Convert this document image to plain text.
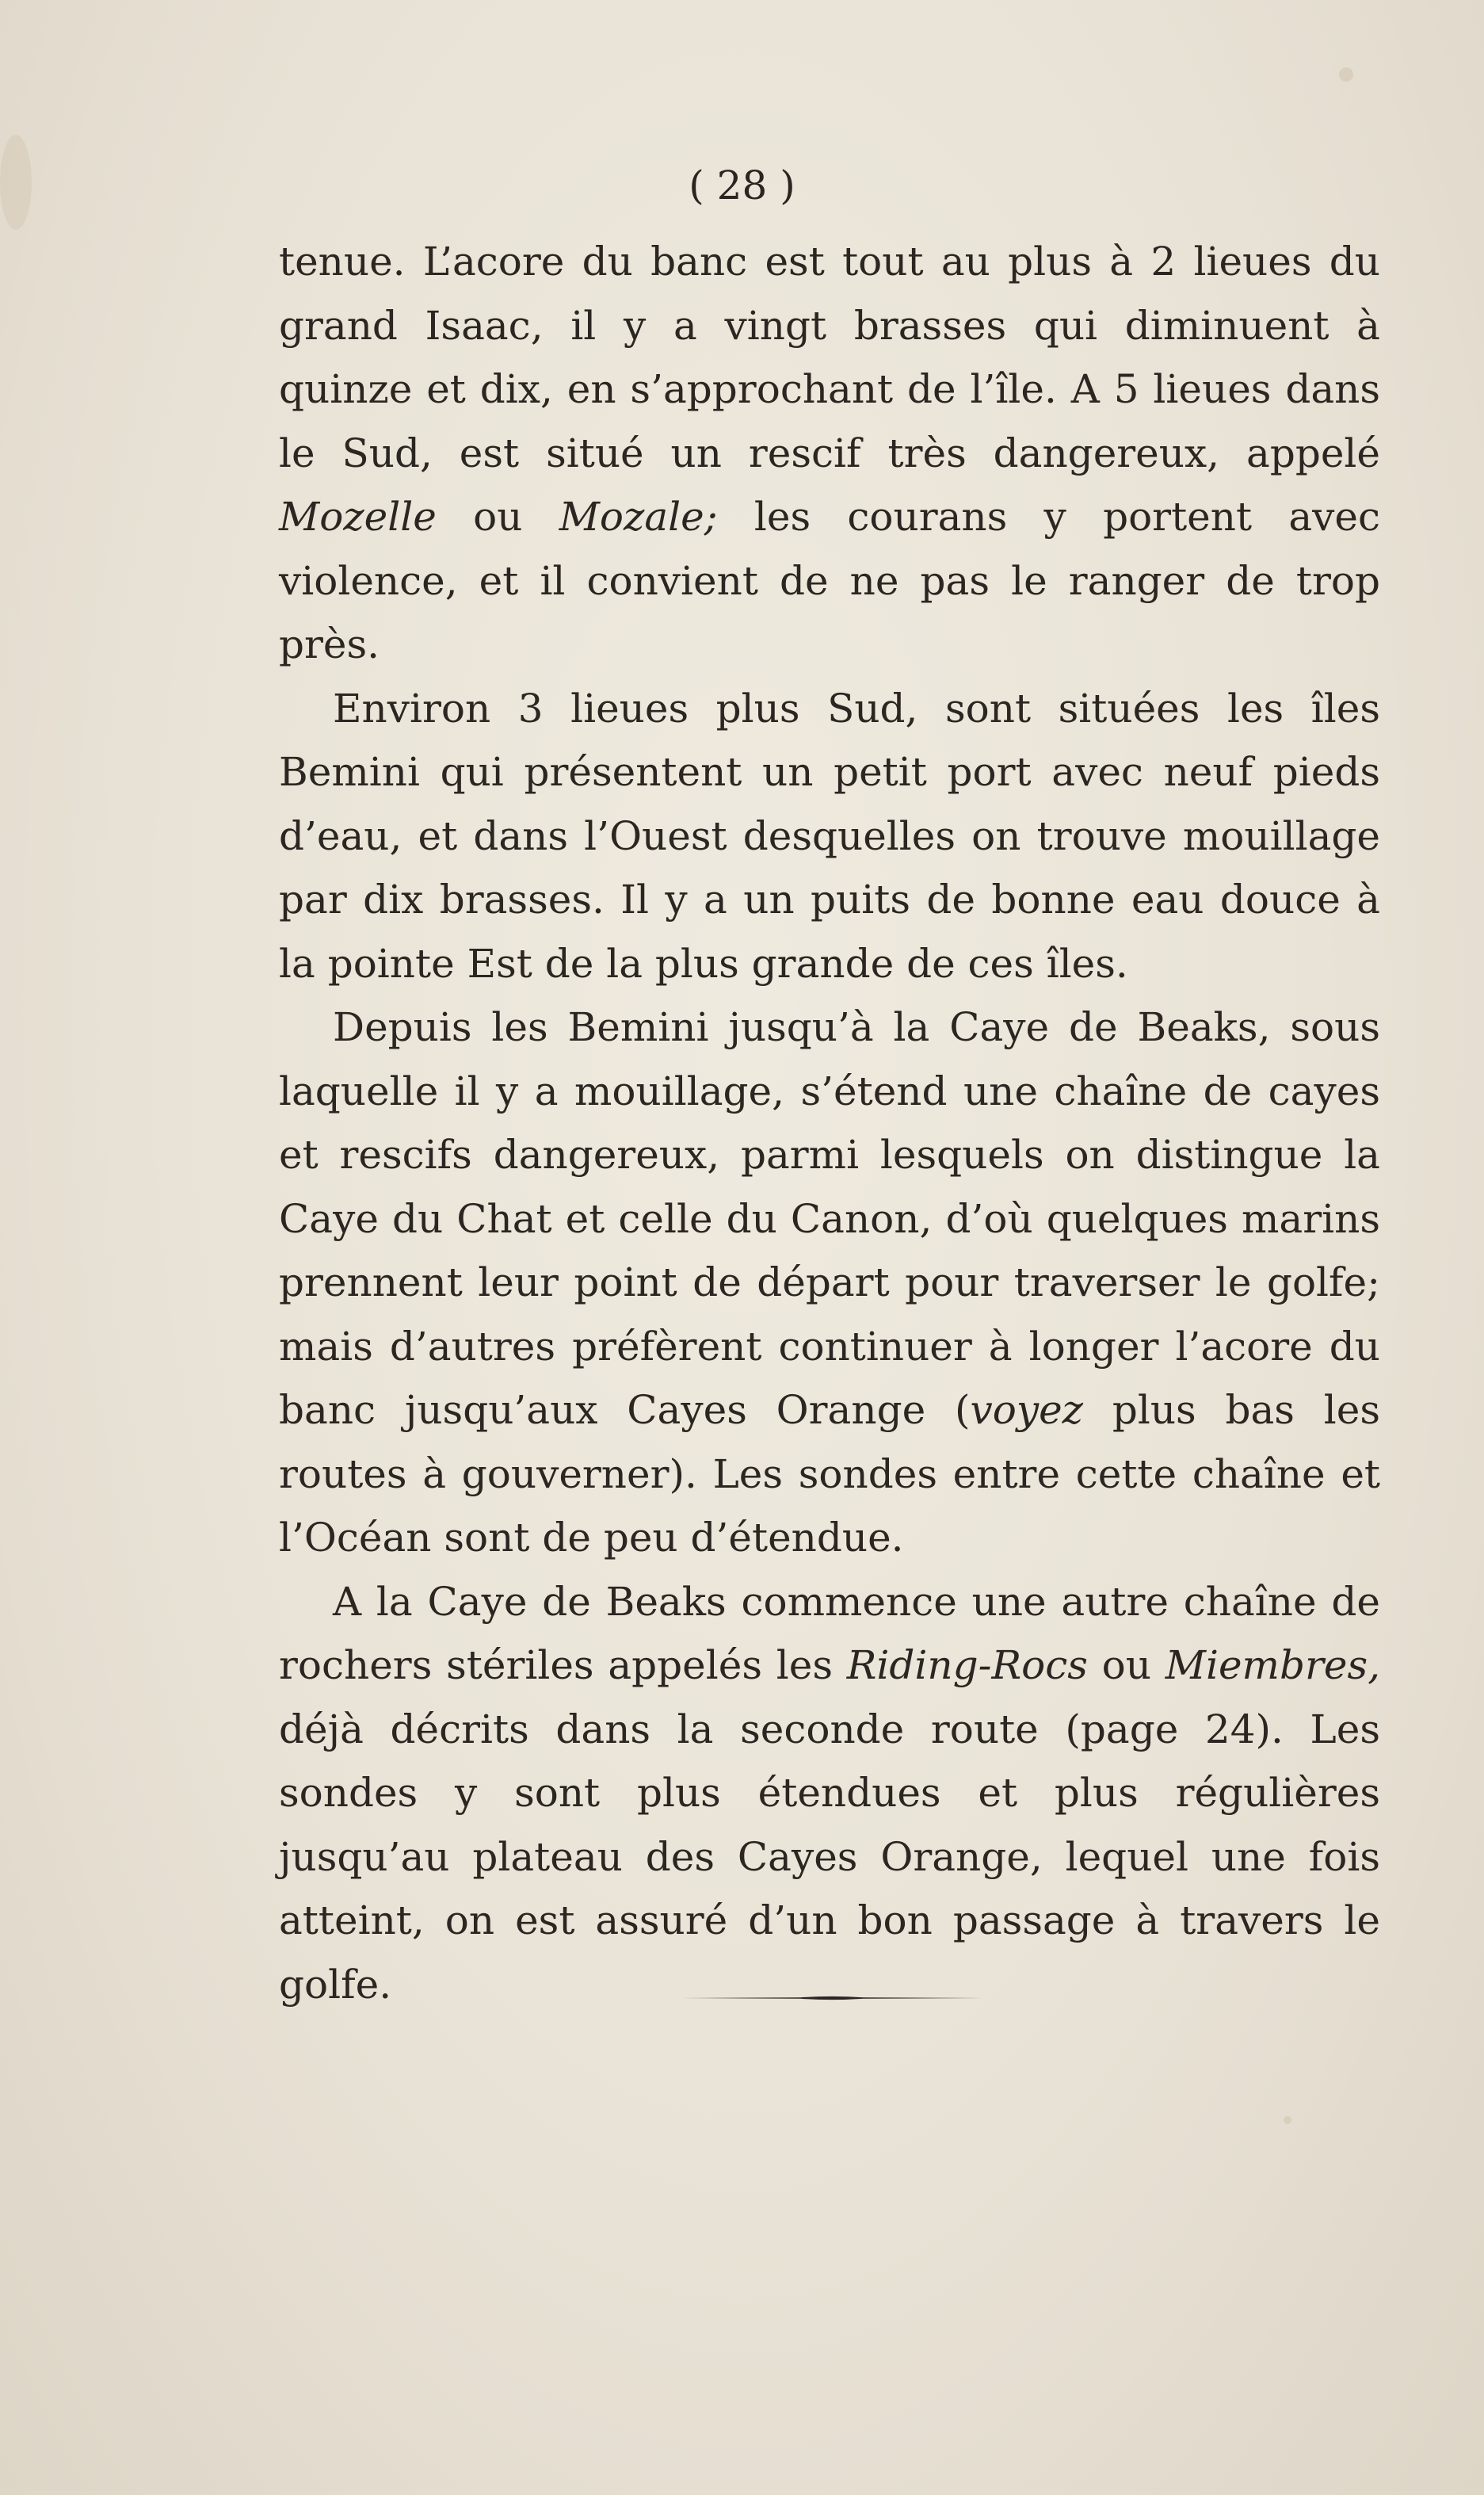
( 28 )

tenue. L’acore du banc est tout au plus à 2 lieues du grand Isaac, il y a vingt brasses qui diminuent à quinze et dix, en s’approchant de l’île. A 5 lieues dans le Sud, est situé un rescif très dangereux, appelé Mozelle ou Mozale; les courans y portent avec violence, et il convient de ne pas le ranger de trop près.

Environ 3 lieues plus Sud, sont situées les îles Bemini qui présentent un petit port avec neuf pieds d’eau, et dans l’Ouest desquelles on trouve mouillage par dix brasses. Il y a un puits de bonne eau douce à la pointe Est de la plus grande de ces îles.

Depuis les Bemini jusqu’à la Caye de Beaks, sous laquelle il y a mouillage, s’étend une chaîne de cayes et rescifs dangereux, parmi lesquels on distingue la Caye du Chat et celle du Canon, d’où quelques marins prennent leur point de départ pour traverser le golfe; mais d’autres préfèrent continuer à longer l’acore du banc jusqu’aux Cayes Orange (voyez plus bas les routes à gouverner). Les sondes entre cette chaîne et l’Océan sont de peu d’étendue.

A la Caye de Beaks commence une autre chaîne de rochers stériles appelés les Riding-Rocs ou Miembres, déjà décrits dans la seconde route (page 24). Les sondes y sont plus étendues et plus régulières jusqu’au plateau des Cayes Orange, lequel une fois atteint, on est assuré d’un bon passage à travers le golfe.
